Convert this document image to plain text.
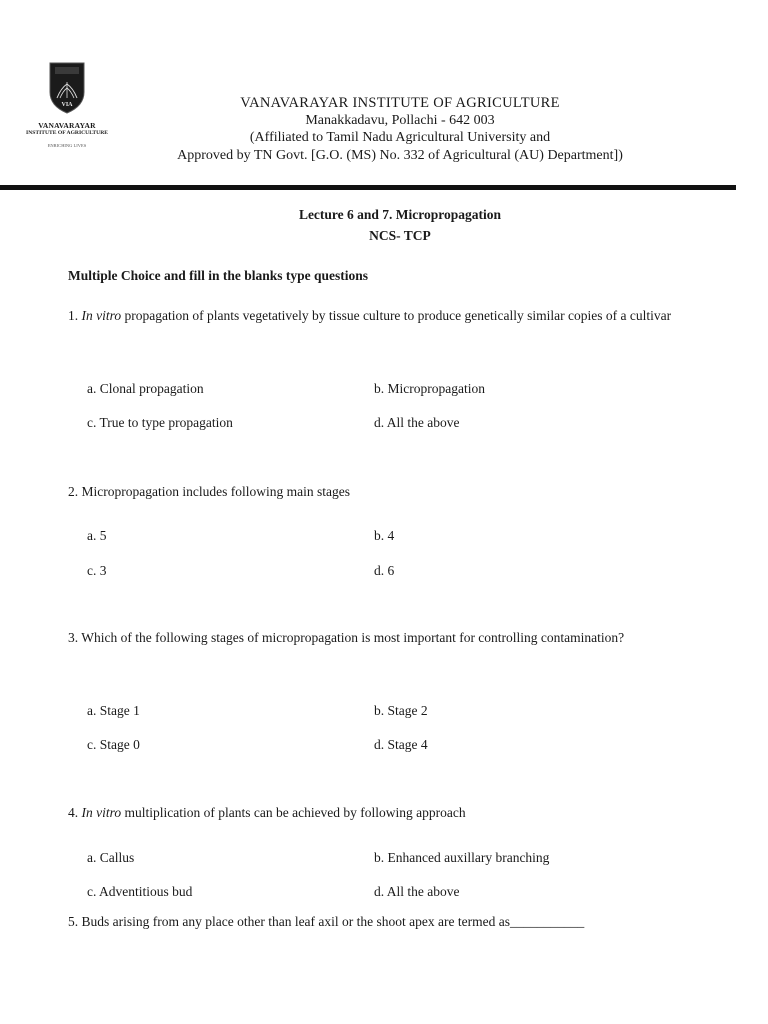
VIA
VANAVARAYAR
INSTITUTE OF AGRICULTURE
ENRICHING LIVES
VANAVARAYAR INSTITUTE OF AGRICULTURE
Manakkadavu, Pollachi - 642 003
(Affiliated to Tamil Nadu Agricultural University and
Approved by TN Govt. [G.O. (MS) No. 332 of Agricultural (AU) Department])
Lecture 6 and 7. Micropropagation
NCS- TCP
Multiple Choice and fill in the blanks type questions
1. In vitro propagation of plants vegetatively by tissue culture to produce genetically similar copies of a cultivar
a. Clonal propagation	b. Micropropagation
c. True to type propagation	d. All the above
2. Micropropagation includes following main stages
a. 5	b. 4
c. 3	d. 6
3. Which of the following stages of micropropagation is most important for controlling contamination?
a. Stage 1	b. Stage 2
c. Stage 0	d. Stage 4
4. In vitro multiplication of plants can be achieved by following approach
a. Callus	b. Enhanced auxillary branching
c. Adventitious bud	d. All the above
5. Buds arising from any place other than leaf axil or the shoot apex are termed as___________
